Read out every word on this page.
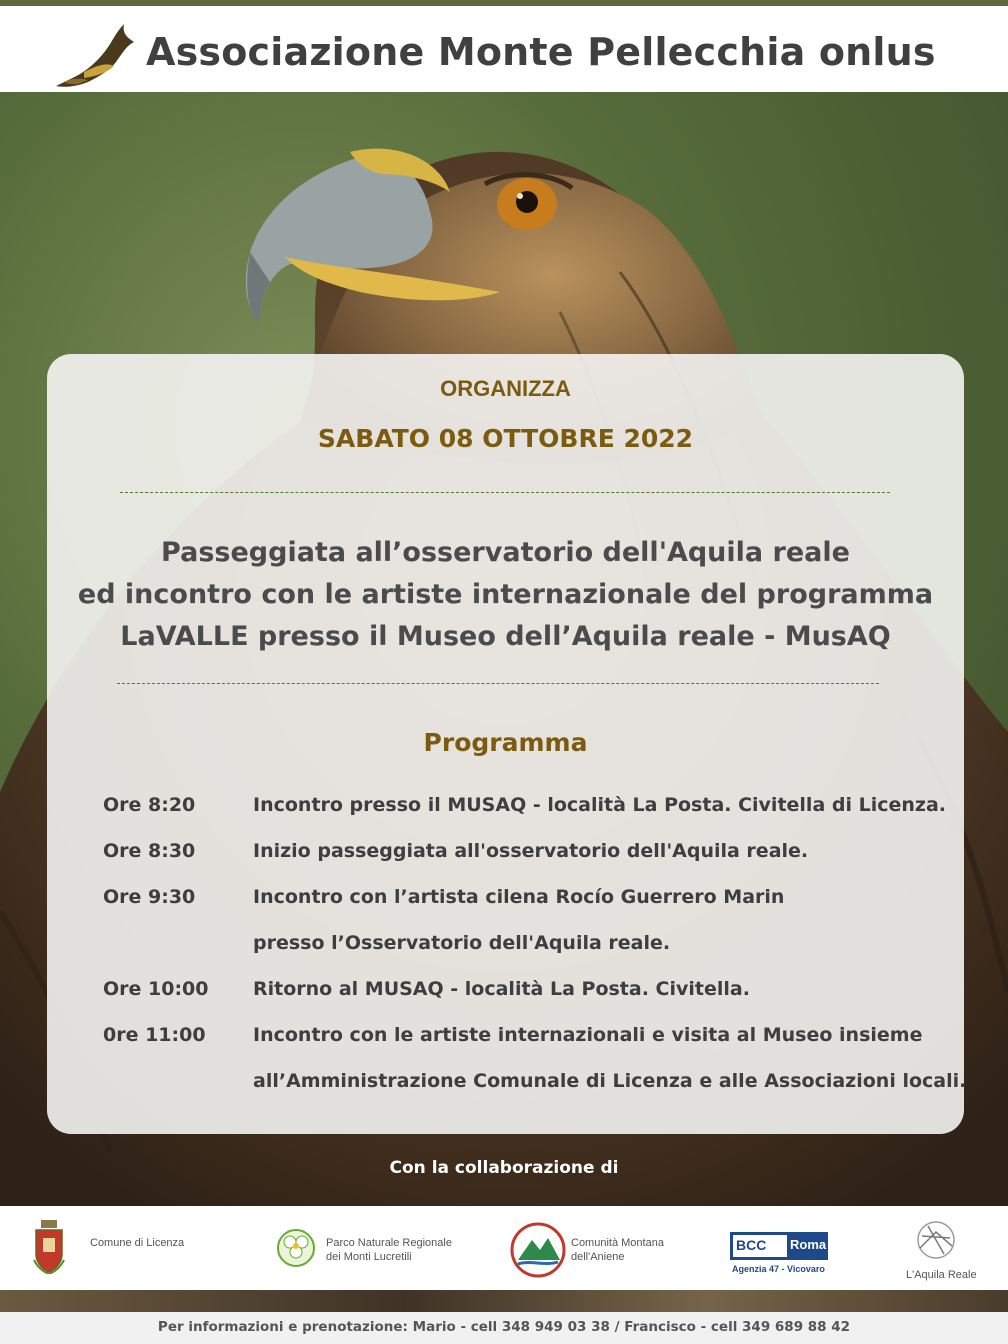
Associazione Monte Pellecchia onlus
ORGANIZZA
SABATO 08 OTTOBRE 2022
Passeggiata all’osservatorio dell'Aquila reale
ed incontro con le artiste internazionale del programma
LaVALLE presso il Museo dell’Aquila reale - MusAQ
Programma
Ore 8:20	Incontro presso il MUSAQ - località La Posta. Civitella di Licenza.
Ore 8:30	Inizio passeggiata all'osservatorio dell'Aquila reale.
Ore 9:30	Incontro con l’artista cilena Rocío Guerrero Marin
presso l’Osservatorio dell'Aquila reale.
Ore 10:00	Ritorno al MUSAQ - località La Posta. Civitella.
0re 11:00	Incontro con le artiste internazionali e visita al Museo insieme
all’Amministrazione Comunale di Licenza e alle Associazioni locali.
Con la collaborazione di
Comune di Licenza	Parco Naturale Regionale
dei Monti Lucretili
Comunità Montana
dell'Aniene
BCC Roma
Agenzia 47 - Vicovaro	L'Aquila Reale
Per informazioni e prenotazione: Mario - cell 348 949 03 38 / Francisco - cell 349 689 88 42
